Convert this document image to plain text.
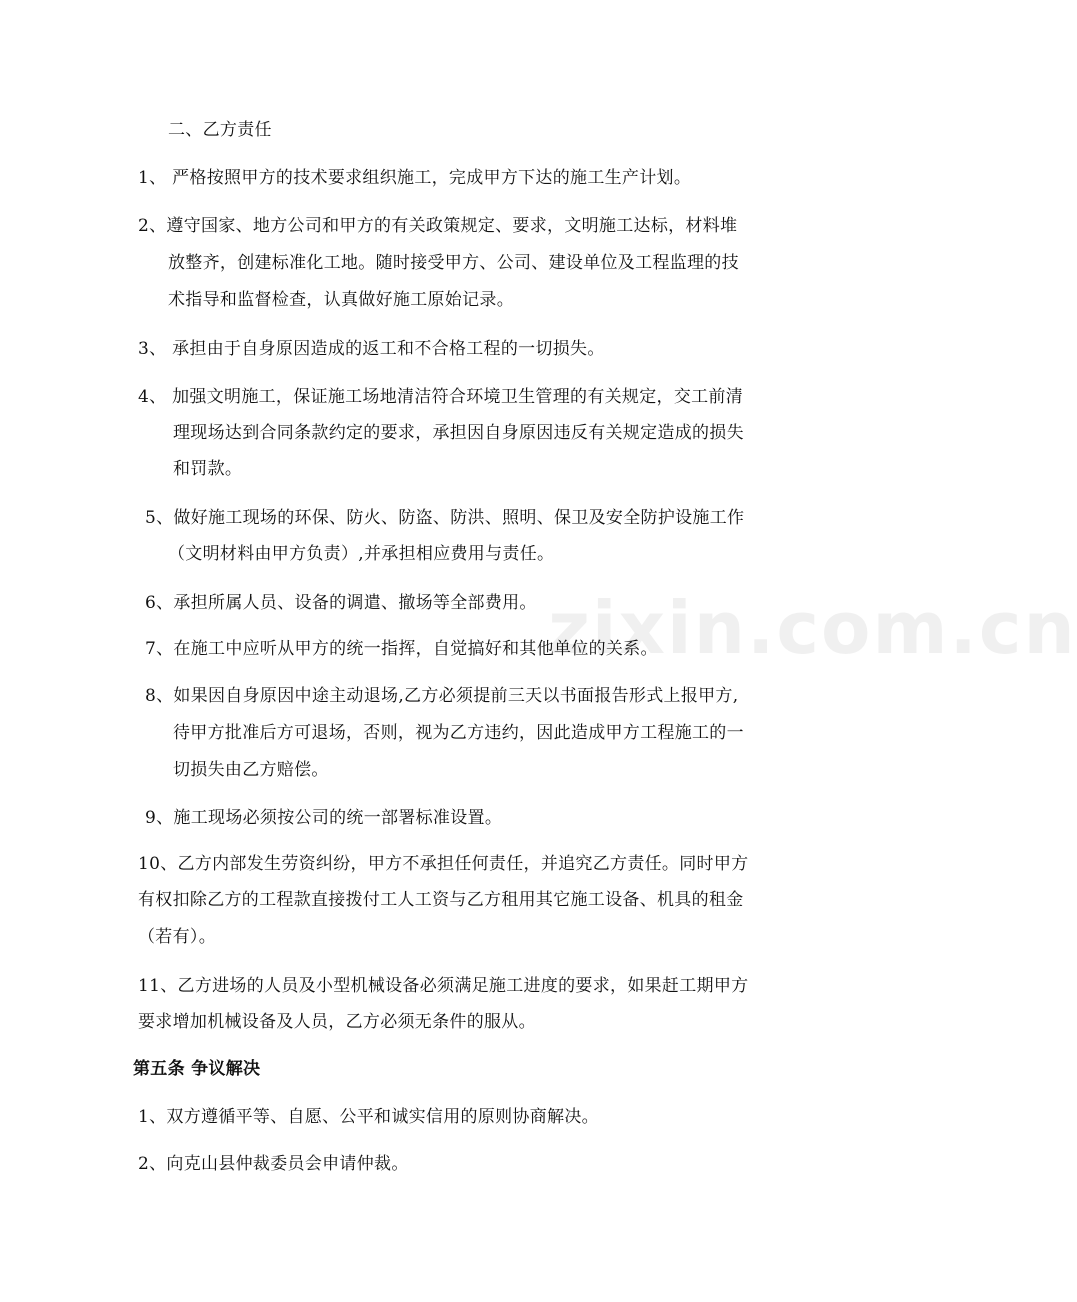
zixin.com.cn
二、乙方责任
1、 严格按照甲方的技术要求组织施工，完成甲方下达的施工生产计划。
2、遵守国家、地方公司和甲方的有关政策规定、要求，文明施工达标，材料堆
放整齐，创建标准化工地。随时接受甲方、公司、建设单位及工程监理的技
术指导和监督检查，认真做好施工原始记录。
3、 承担由于自身原因造成的返工和不合格工程的一切损失。
4、 加强文明施工，保证施工场地清洁符合环境卫生管理的有关规定，交工前清
理现场达到合同条款约定的要求，承担因自身原因违反有关规定造成的损失
和罚款。
5、做好施工现场的环保、防火、防盗、防洪、照明、保卫及安全防护设施工作
（文明材料由甲方负责）,并承担相应费用与责任。
6、承担所属人员、设备的调遣、撤场等全部费用。
7、在施工中应听从甲方的统一指挥，自觉搞好和其他单位的关系。
8、如果因自身原因中途主动退场,乙方必须提前三天以书面报告形式上报甲方,
待甲方批准后方可退场，否则，视为乙方违约，因此造成甲方工程施工的一
切损失由乙方赔偿。
9、施工现场必须按公司的统一部署标准设置。
10、乙方内部发生劳资纠纷，甲方不承担任何责任，并追究乙方责任。同时甲方
有权扣除乙方的工程款直接拨付工人工资与乙方租用其它施工设备、机具的租金
（若有）。
11、乙方进场的人员及小型机械设备必须满足施工进度的要求，如果赶工期甲方
要求增加机械设备及人员，乙方必须无条件的服从。
第五条 争议解决
1、双方遵循平等、自愿、公平和诚实信用的原则协商解决。
2、向克山县仲裁委员会申请仲裁。
